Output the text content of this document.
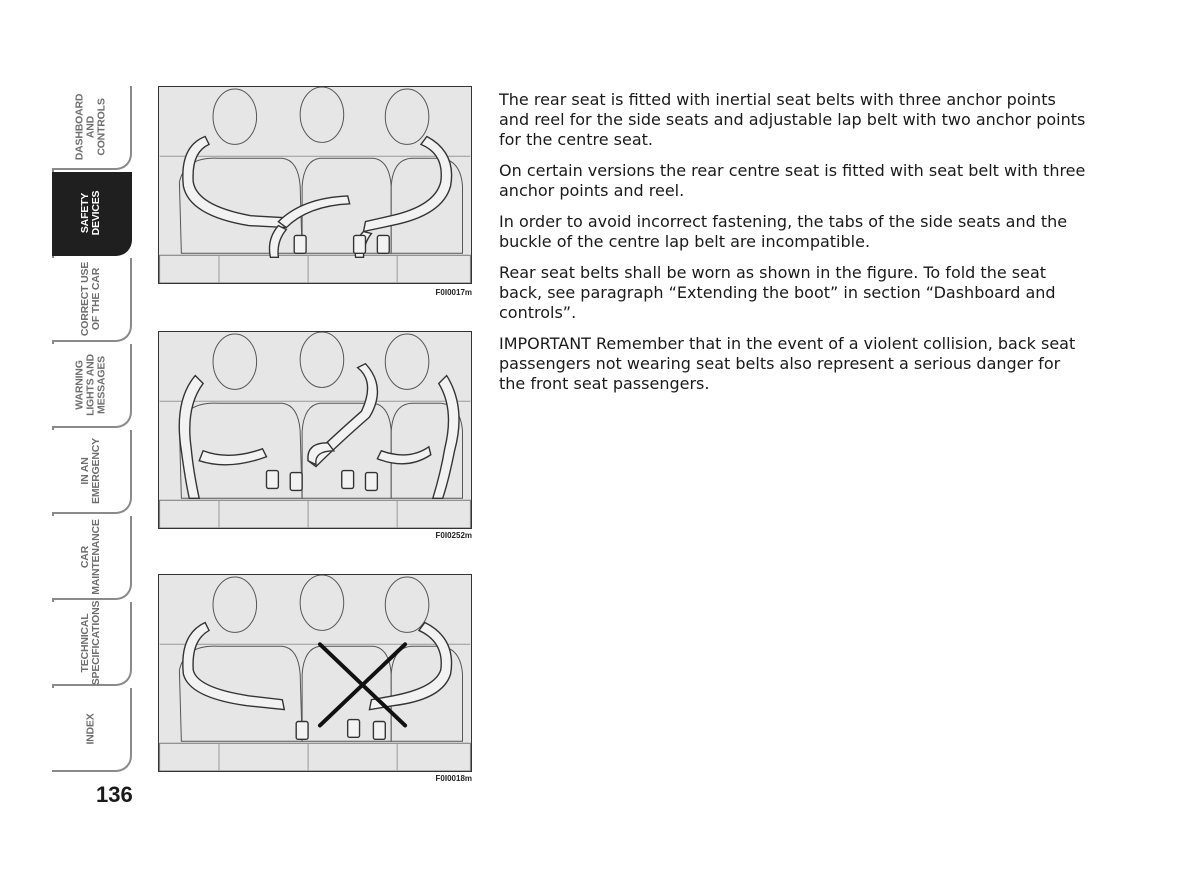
DASHBOARD
AND
CONTROLS
SAFETY
DEVICES
CORRECT USE
OF THE CAR
WARNING
LIGHTS AND
MESSAGES
IN AN
EMERGENCY
CAR
MAINTENANCE
TECHNICAL
SPECIFICATIONS
INDEX
136
F0I0017m
F0I0252m
F0I0018m

The rear seat is fitted with inertial seat belts with three anchor points and reel for the side seats and adjustable lap belt with two anchor points for the centre seat.

On certain versions the rear centre seat is fitted with seat belt with three anchor points and reel.

In order to avoid incorrect fastening, the tabs of the side seats and the buckle of the centre lap belt are incompatible.

Rear seat belts shall be worn as shown in the figure. To fold the seat back, see paragraph “Extending the boot” in section “Dashboard and controls”.

IMPORTANT Remember that in the event of a violent collision, back seat passengers not wearing seat belts also represent a serious danger for the front seat passengers.
